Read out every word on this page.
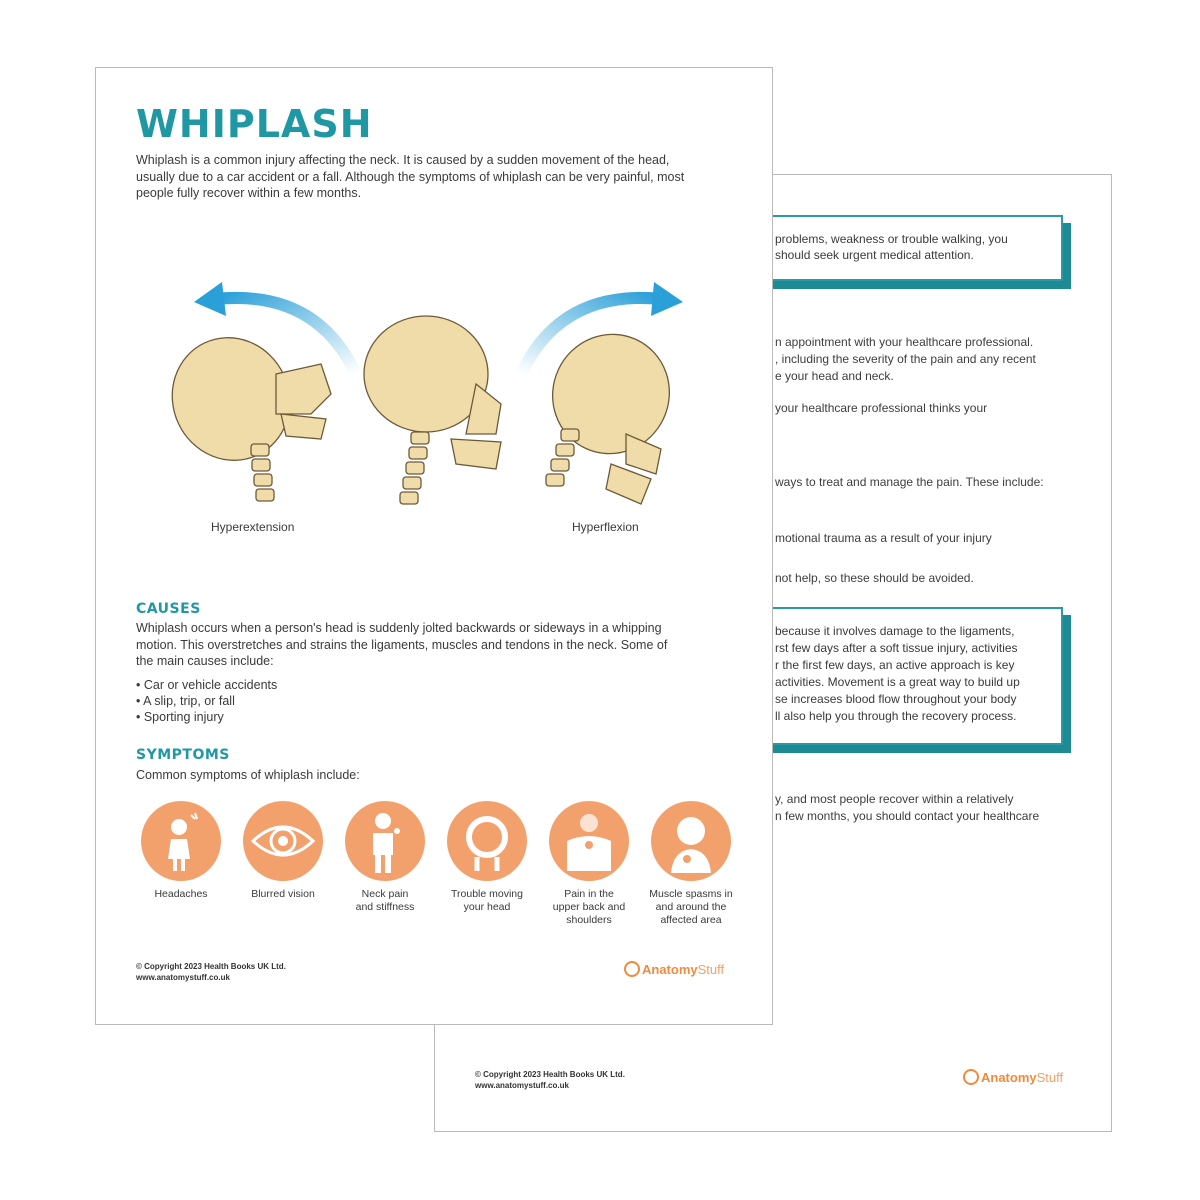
problems, weakness or trouble walking, you
should seek urgent medical attention.
n appointment with your healthcare professional.
, including the severity of the pain and any recent
e your head and neck.
your healthcare professional thinks your
ways to treat and manage the pain. These include:
motional trauma as a result of your injury
not help, so these should be avoided.
because it involves damage to the ligaments,
rst few days after a soft tissue injury, activities
r the first few days, an active approach is key
activities. Movement is a great way to build up
se increases blood flow throughout your body
ll also help you through the recovery process.
y, and most people recover within a relatively
n few months, you should contact your healthcare
© Copyright 2023 Health Books UK Ltd.
www.anatomystuff.co.uk
Anatomy Stuff
WHIPLASH
Whiplash is a common injury affecting the neck. It is caused by a sudden movement of the head,
usually due to a car accident or a fall. Although the symptoms of whiplash can be very painful, most
people fully recover within a few months.
Hyperextension	Hyperflexion
CAUSES
Whiplash occurs when a person's head is suddenly jolted backwards or sideways in a whipping
motion. This overstretches and strains the ligaments, muscles and tendons in the neck. Some of
the main causes include:
• Car or vehicle accidents
• A slip, trip, or fall
• Sporting injury
SYMPTOMS
Common symptoms of whiplash include:
Headaches	Blurred vision	Neck pain
and stiffness
Trouble moving
your head
Pain in the
upper back and
shoulders
Muscle spasms in
and around the
affected area
© Copyright 2023 Health Books UK Ltd.
www.anatomystuff.co.uk
Anatomy Stuff
